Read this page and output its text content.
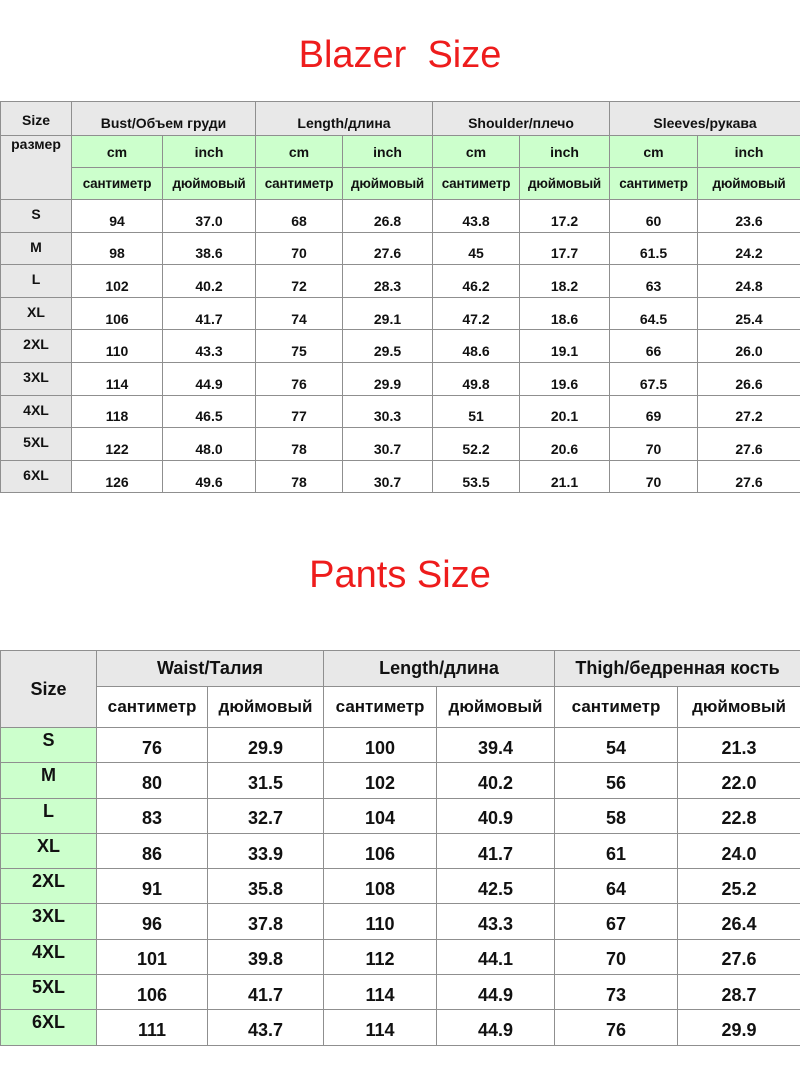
Blazer  Size
Size	Bust/Объем груди		Length/длина		Shoulder/плечо		Sleeves/рукава	
размер	cm	inch	cm	inch	cm	inch	cm	inch
	сантиметр	дюймовый	сантиметр	дюймовый	сантиметр	дюймовый	сантиметр	дюймовый
S	94	37.0	68	26.8	43.8	17.2	60	23.6
M	98	38.6	70	27.6	45	17.7	61.5	24.2
L	102	40.2	72	28.3	46.2	18.2	63	24.8
XL	106	41.7	74	29.1	47.2	18.6	64.5	25.4
2XL	110	43.3	75	29.5	48.6	19.1	66	26.0
3XL	114	44.9	76	29.9	49.8	19.6	67.5	26.6
4XL	118	46.5	77	30.3	51	20.1	69	27.2
5XL	122	48.0	78	30.7	52.2	20.6	70	27.6
6XL	126	49.6	78	30.7	53.5	21.1	70	27.6
Pants Size
Size	Waist/Талия		Length/длина		Thigh/бедренная кость	
	сантиметр	дюймовый	сантиметр	дюймовый	сантиметр	дюймовый
S	76	29.9	100	39.4	54	21.3
M	80	31.5	102	40.2	56	22.0
L	83	32.7	104	40.9	58	22.8
XL	86	33.9	106	41.7	61	24.0
2XL	91	35.8	108	42.5	64	25.2
3XL	96	37.8	110	43.3	67	26.4
4XL	101	39.8	112	44.1	70	27.6
5XL	106	41.7	114	44.9	73	28.7
6XL	111	43.7	114	44.9	76	29.9
